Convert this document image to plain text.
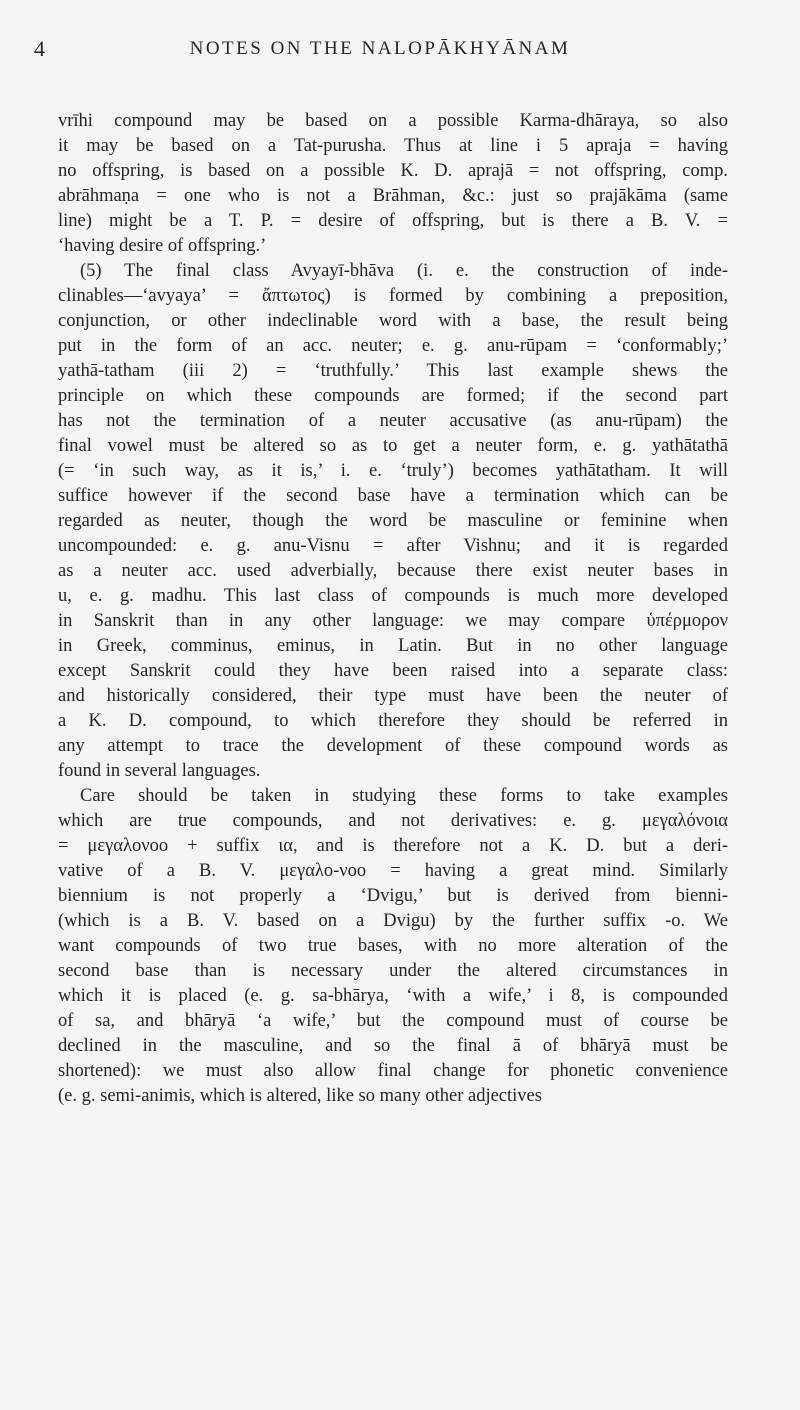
4	NOTES ON THE NALOPĀKHYĀNAM
vrīhi compound may be based on a possible Karma-dhāraya, so also
it may be based on a Tat-purusha. Thus at line i 5 apraja = having
no offspring, is based on a possible K. D. aprajā = not offspring, comp.
abrāhmaṇa = one who is not a Brāhman, &c.: just so prajākāma (same
line) might be a T. P. = desire of offspring, but is there a B. V. =
‘having desire of offspring.’
(5) The final class Avyayī-bhāva (i. e. the construction of inde-
clinables—‘avyaya’ = ἄπτωτος) is formed by combining a preposition,
conjunction, or other indeclinable word with a base, the result being
put in the form of an acc. neuter; e. g. anu-rūpam = ‘conformably;’
yathā-tatham (iii 2) = ‘truthfully.’ This last example shews the
principle on which these compounds are formed; if the second part
has not the termination of a neuter accusative (as anu-rūpam) the
final vowel must be altered so as to get a neuter form, e. g. yathātathā
(= ‘in such way, as it is,’ i. e. ‘truly’) becomes yathātatham. It will
suffice however if the second base have a termination which can be
regarded as neuter, though the word be masculine or feminine when
uncompounded: e. g. anu-Visnu = after Vishnu; and it is regarded
as a neuter acc. used adverbially, because there exist neuter bases in
u, e. g. madhu. This last class of compounds is much more developed
in Sanskrit than in any other language: we may compare ὑπέρμορον
in Greek, comminus, eminus, in Latin. But in no other language
except Sanskrit could they have been raised into a separate class:
and historically considered, their type must have been the neuter of
a K. D. compound, to which therefore they should be referred in
any attempt to trace the development of these compound words as
found in several languages.
Care should be taken in studying these forms to take examples
which are true compounds, and not derivatives: e. g. μεγαλόνοια
= μεγαλονοο + suffix ια, and is therefore not a K. D. but a deri-
vative of a B. V. μεγαλο-νοο = having a great mind. Similarly
biennium is not properly a ‘Dvigu,’ but is derived from bienni-
(which is a B. V. based on a Dvigu) by the further suffix -o. We
want compounds of two true bases, with no more alteration of the
second base than is necessary under the altered circumstances in
which it is placed (e. g. sa-bhārya, ‘with a wife,’ i 8, is compounded
of sa, and bhāryā ‘a wife,’ but the compound must of course be
declined in the masculine, and so the final ā of bhāryā must be
shortened): we must also allow final change for phonetic convenience
(e. g. semi-animis, which is altered, like so many other adjectives
